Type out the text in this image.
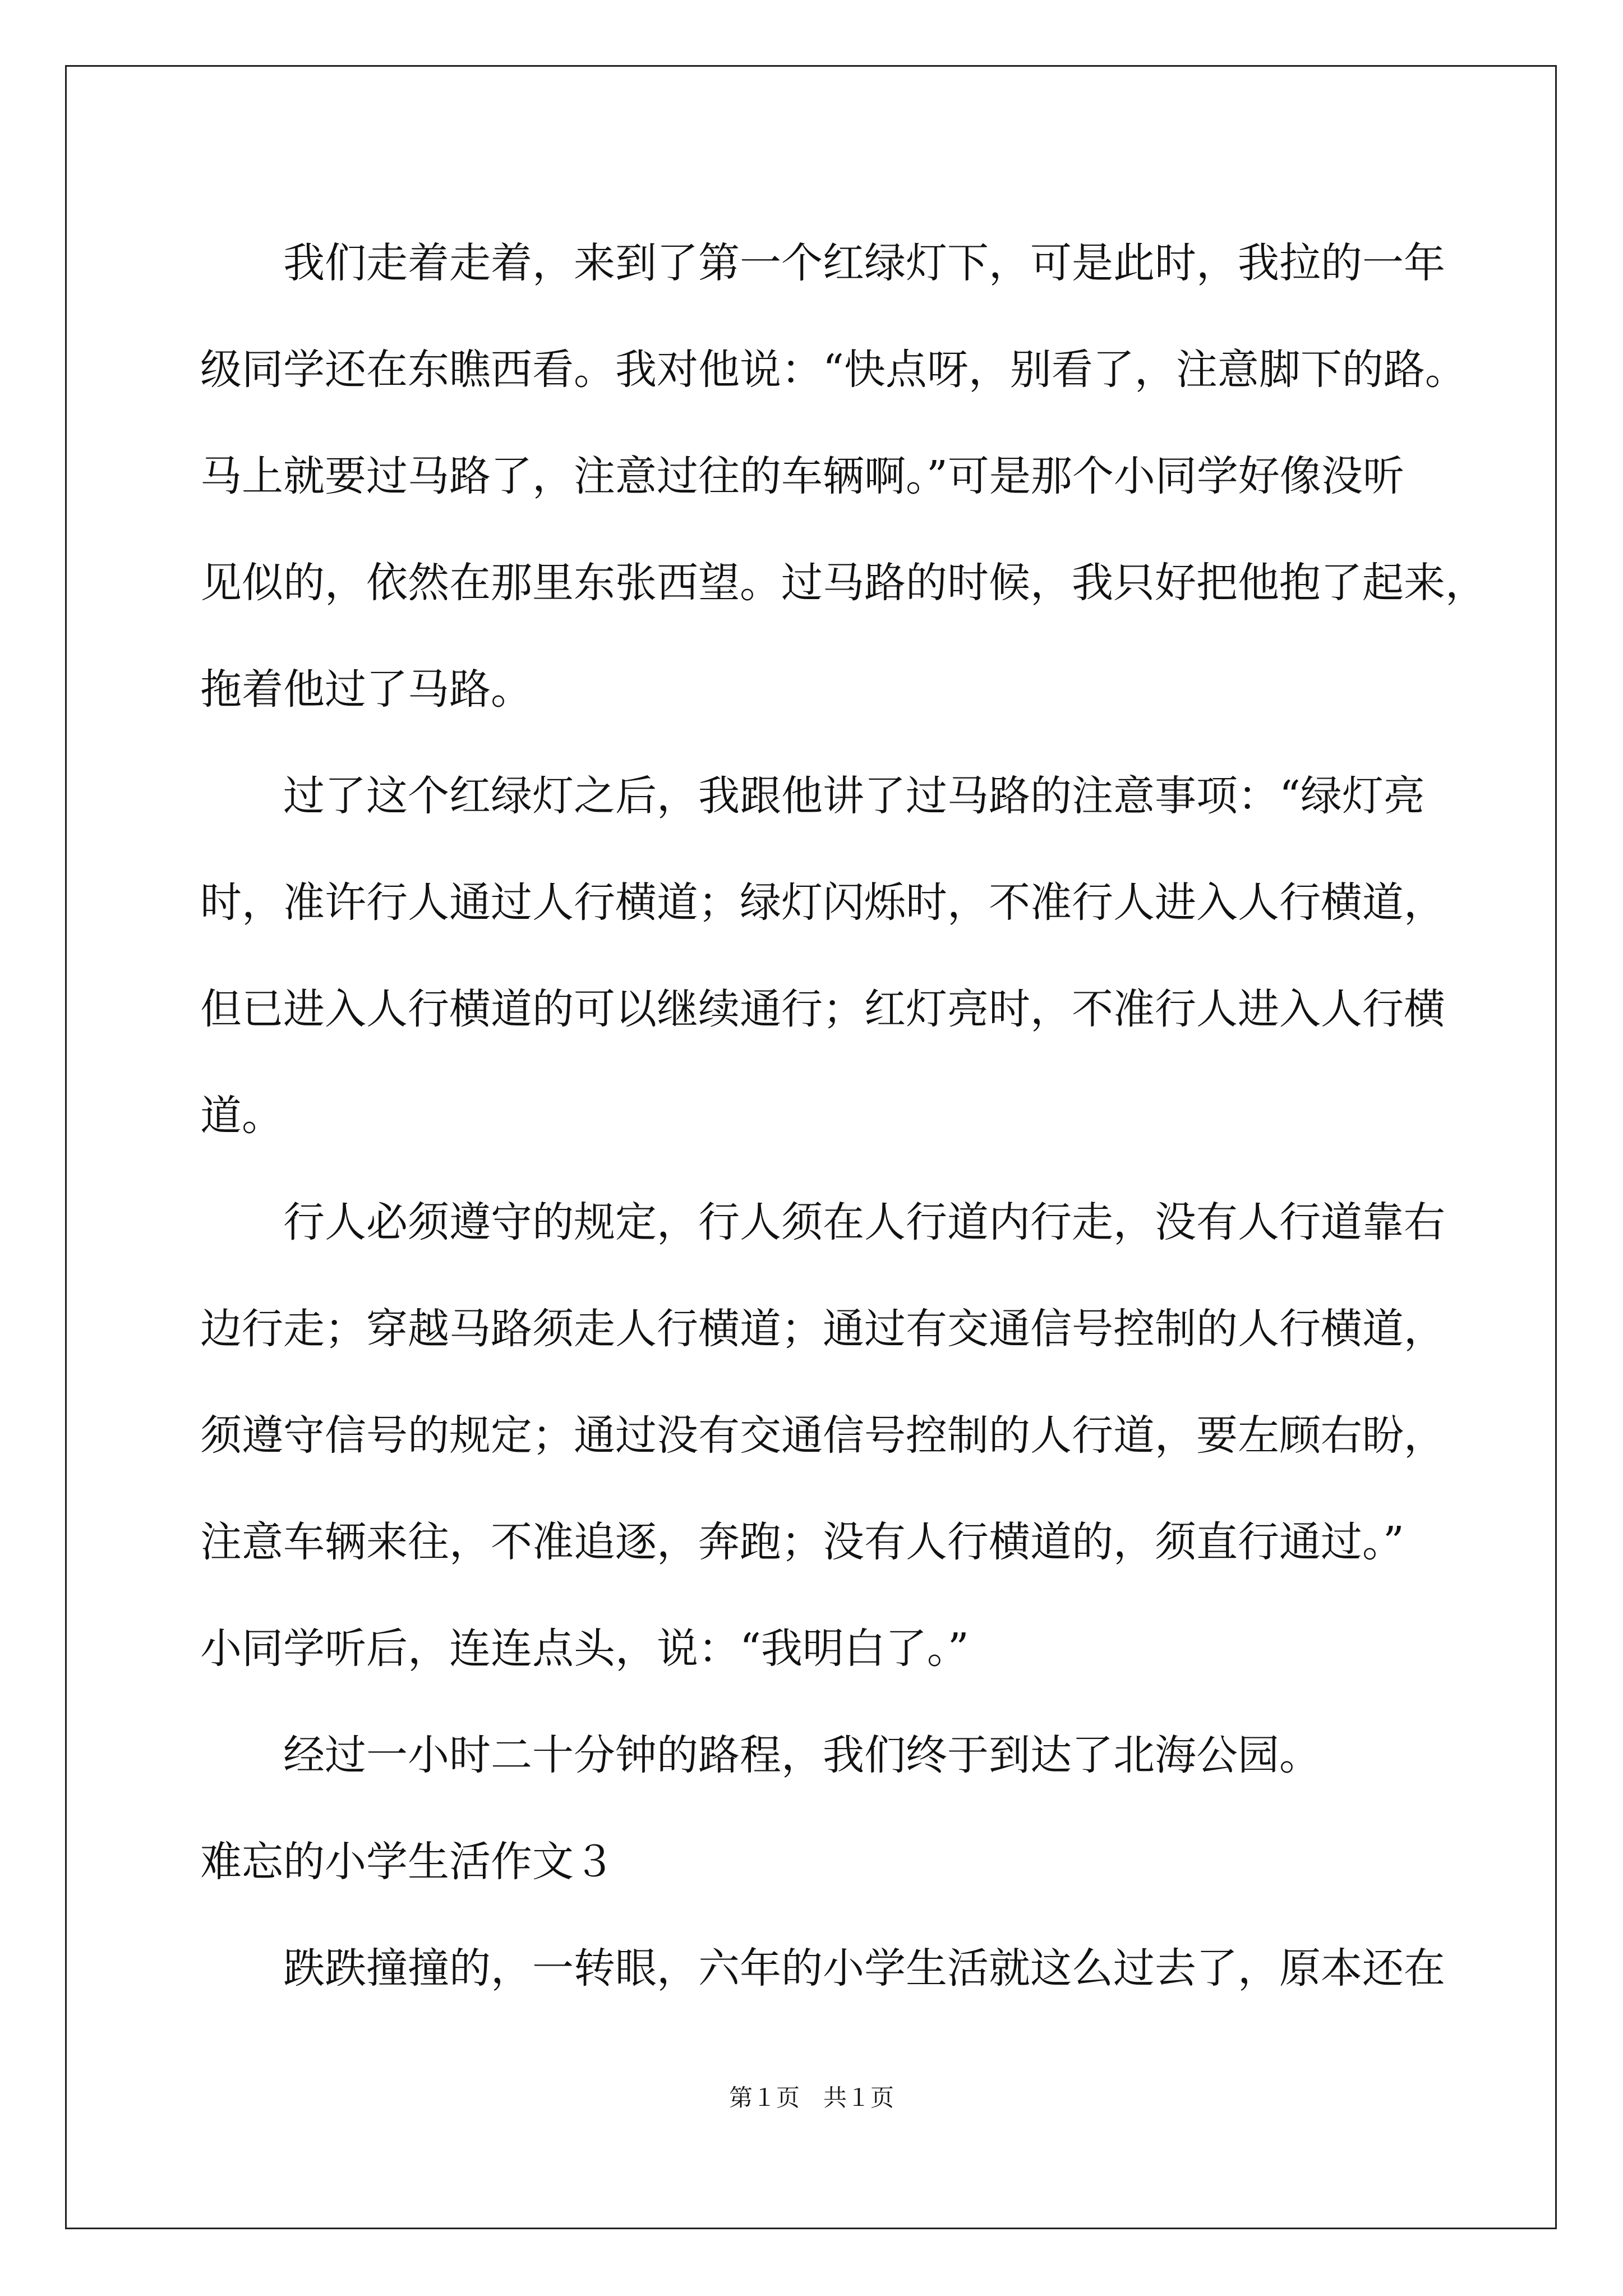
我们走着走着，来到了第一个红绿灯下，可是此时，我拉的一年
级同学还在东瞧西看。我对他说：“快点呀，别看了，注意脚下的路。
马上就要过马路了，注意过往的车辆啊。”可是那个小同学好像没听
见似的，依然在那里东张西望。过马路的时候，我只好把他抱了起来，
拖着他过了马路。
过了这个红绿灯之后，我跟他讲了过马路的注意事项：“绿灯亮
时，准许行人通过人行横道；绿灯闪烁时，不准行人进入人行横道，
但已进入人行横道的可以继续通行；红灯亮时，不准行人进入人行横
道。
行人必须遵守的规定，行人须在人行道内行走，没有人行道靠右
边行走；穿越马路须走人行横道；通过有交通信号控制的人行横道，
须遵守信号的规定；通过没有交通信号控制的人行道，要左顾右盼，
注意车辆来往，不准追逐，奔跑；没有人行横道的，须直行通过。”
小同学听后，连连点头，说：“我明白了。”
经过一小时二十分钟的路程，我们终于到达了北海公园。
难忘的小学生活作文３
跌跌撞撞的，一转眼，六年的小学生活就这么过去了，原本还在
第１页　共１页
